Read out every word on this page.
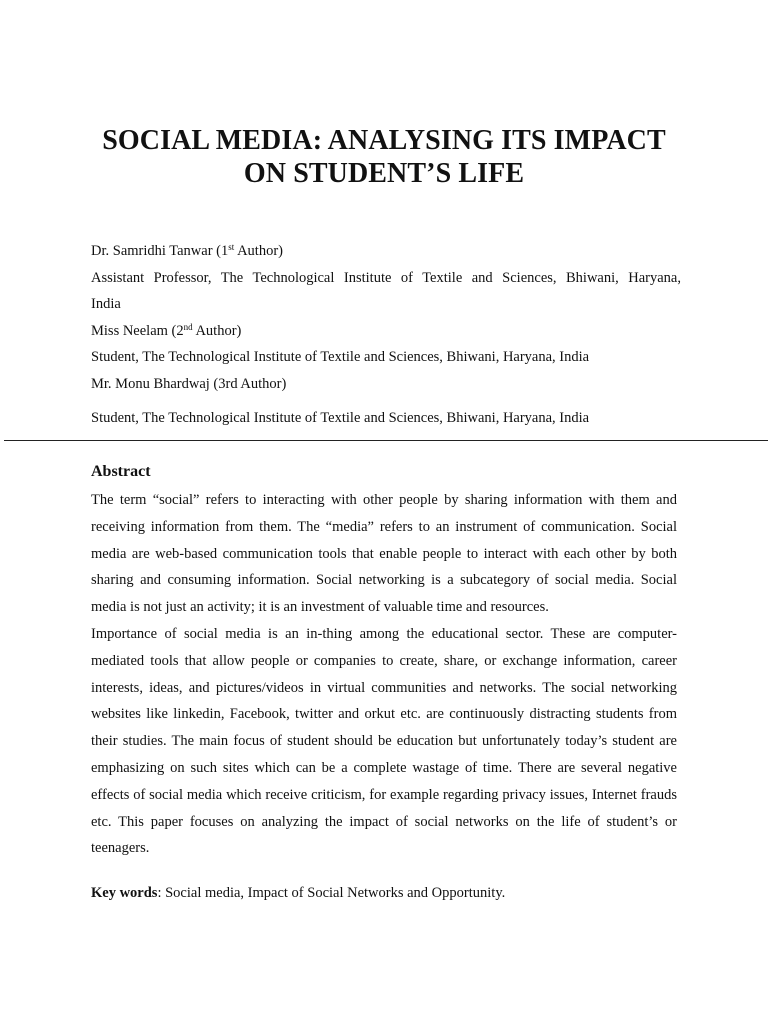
SOCIAL MEDIA: ANALYSING ITS IMPACT
ON STUDENT’S LIFE
Dr. Samridhi Tanwar (1st Author)
Assistant Professor, The Technological Institute of Textile and Sciences, Bhiwani, Haryana,
India
Miss Neelam (2nd Author)
Student, The Technological Institute of Textile and Sciences, Bhiwani, Haryana, India
Mr. Monu Bhardwaj (3rd Author)
Student, The Technological Institute of Textile and Sciences, Bhiwani, Haryana, India
Abstract

The term “social” refers to interacting with other people by sharing information with them and receiving information from them. The “media” refers to an instrument of communication. Social media are web-based communication tools that enable people to interact with each other by both sharing and consuming information. Social networking is a subcategory of social media. Social media is not just an activity; it is an investment of valuable time and resources.

Importance of social media is an in-thing among the educational sector. These are computer-mediated tools that allow people or companies to create, share, or exchange information, career interests, ideas, and pictures/videos in virtual communities and networks. The social networking websites like linkedin, Facebook, twitter and orkut etc. are continuously distracting students from their studies. The main focus of student should be education but unfortunately today’s student are emphasizing on such sites which can be a complete wastage of time. There are several negative effects of social media which receive criticism, for example regarding privacy issues, Internet frauds etc. This paper focuses on analyzing the impact of social networks on the life of student’s or teenagers.

Key words: Social media, Impact of Social Networks and Opportunity.
